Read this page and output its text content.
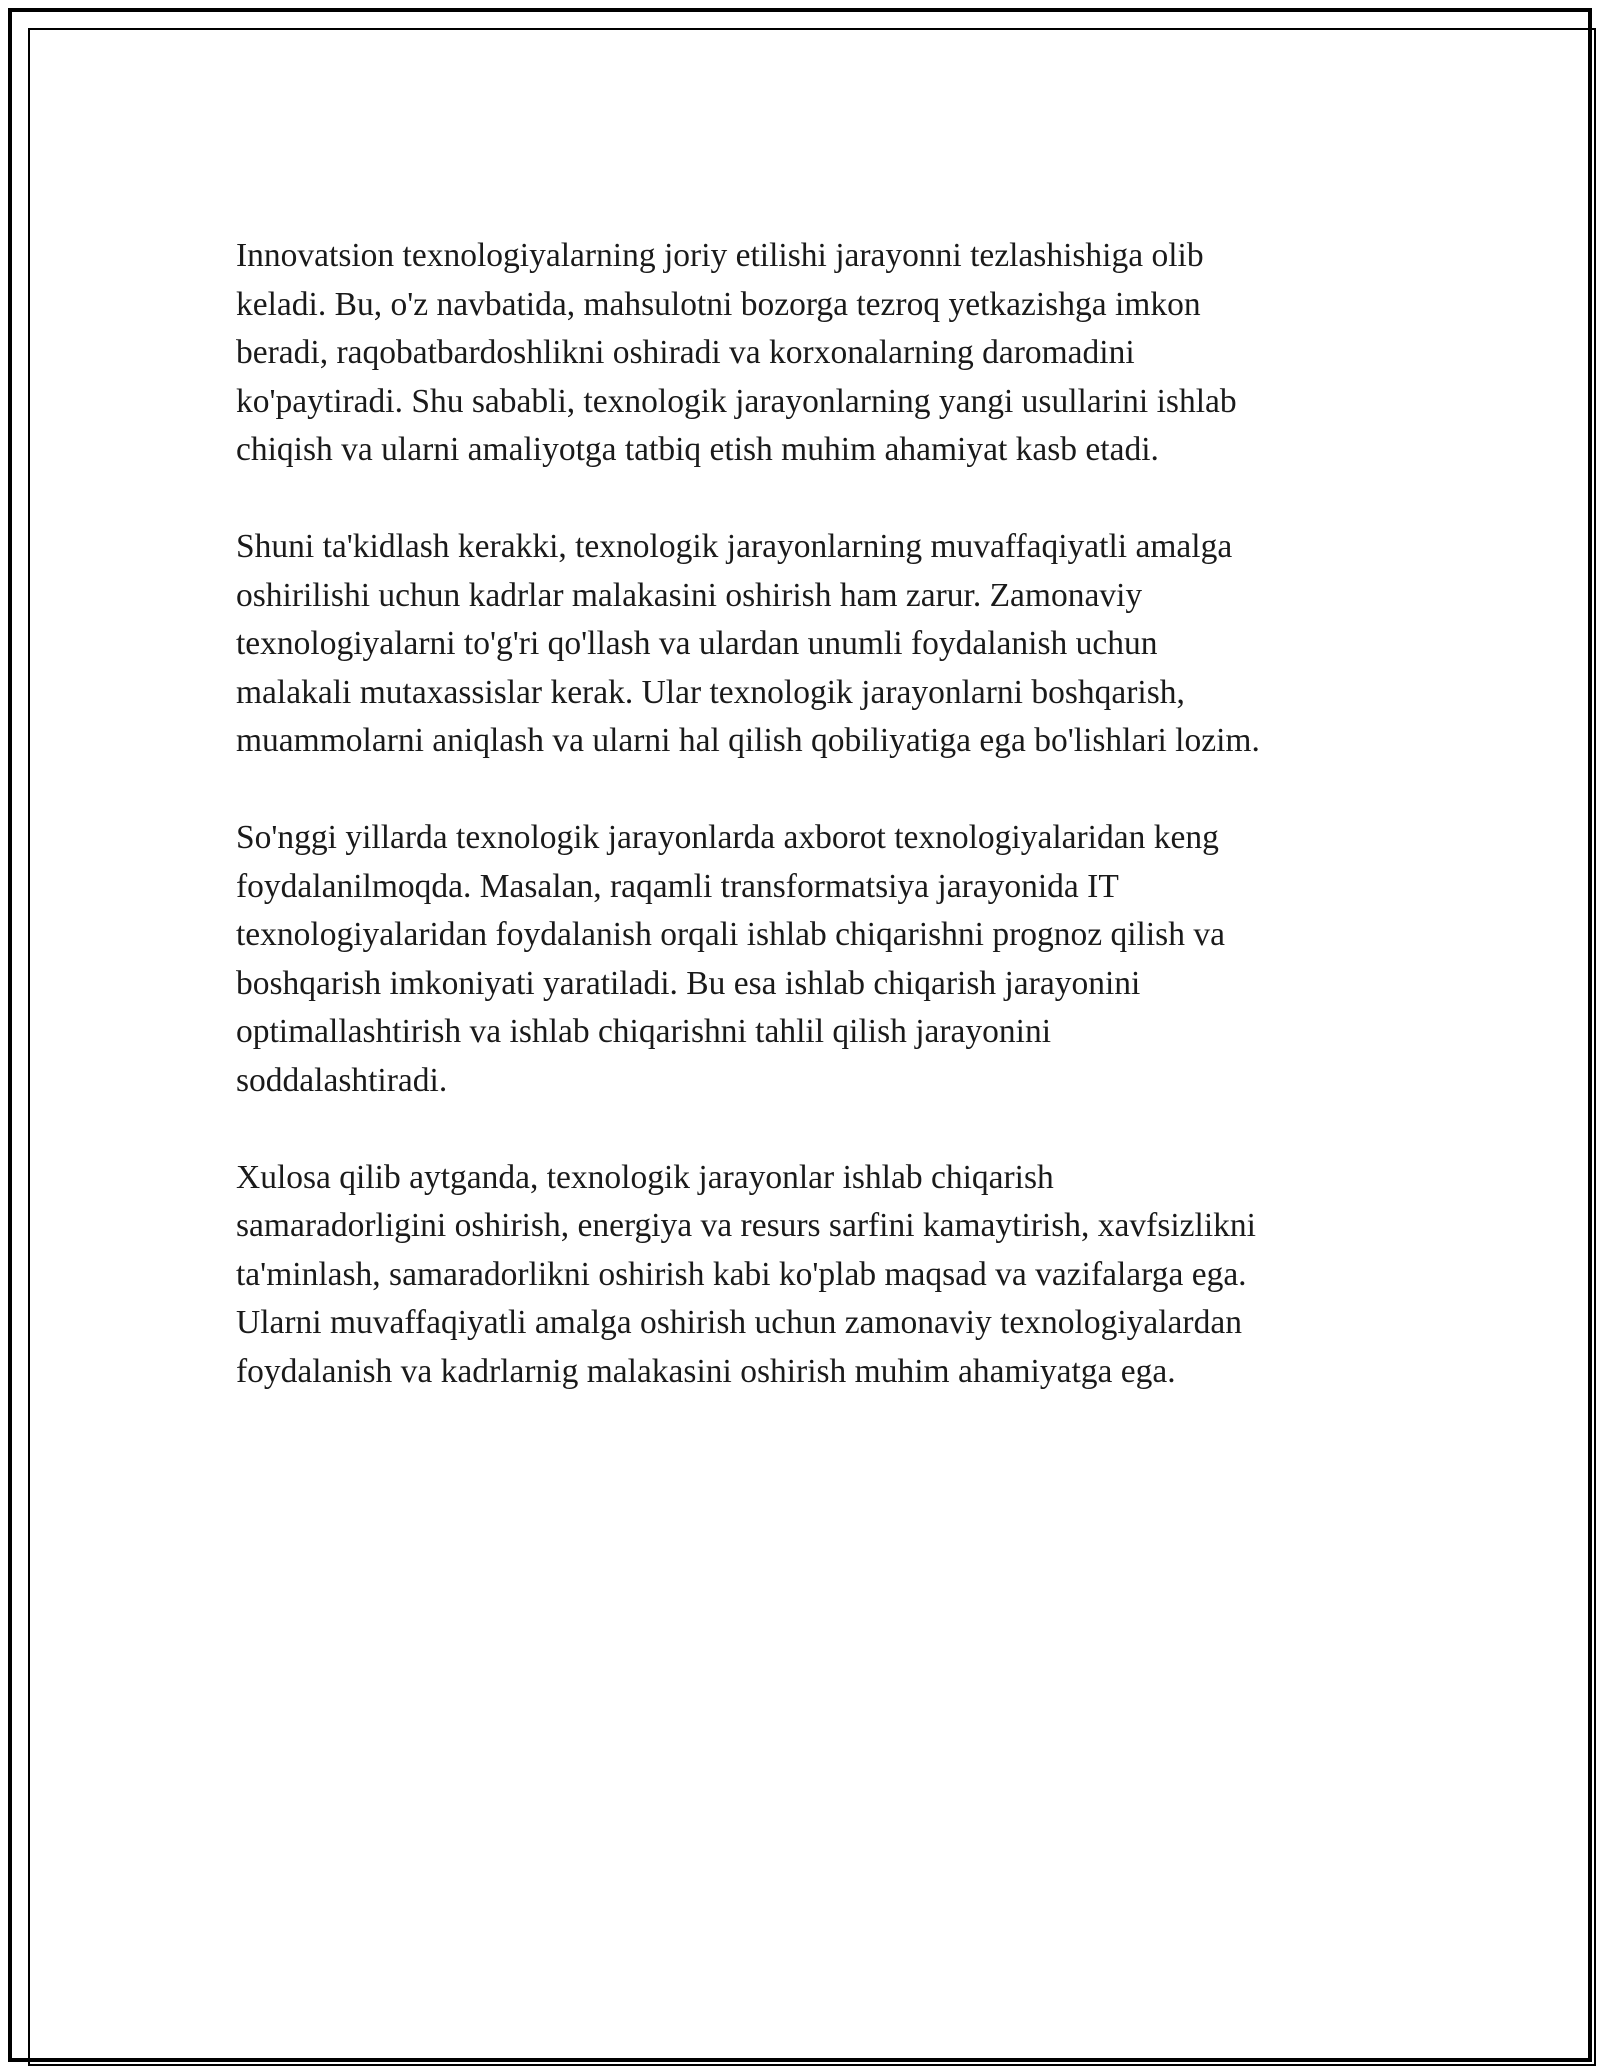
Innovatsion texnologiyalarning joriy etilishi jarayonni tezlashishiga olib
keladi. Bu, o'z navbatida, mahsulotni bozorga tezroq yetkazishga imkon
beradi, raqobatbardoshlikni oshiradi va korxonalarning daromadini
ko'paytiradi. Shu sababli, texnologik jarayonlarning yangi usullarini ishlab
chiqish va ularni amaliyotga tatbiq etish muhim ahamiyat kasb etadi.

Shuni ta'kidlash kerakki, texnologik jarayonlarning muvaffaqiyatli amalga
oshirilishi uchun kadrlar malakasini oshirish ham zarur. Zamonaviy
texnologiyalarni to'g'ri qo'llash va ulardan unumli foydalanish uchun
malakali mutaxassislar kerak. Ular texnologik jarayonlarni boshqarish,
muammolarni aniqlash va ularni hal qilish qobiliyatiga ega bo'lishlari lozim.

So'nggi yillarda texnologik jarayonlarda axborot texnologiyalaridan keng
foydalanilmoqda. Masalan, raqamli transformatsiya jarayonida IT
texnologiyalaridan foydalanish orqali ishlab chiqarishni prognoz qilish va
boshqarish imkoniyati yaratiladi. Bu esa ishlab chiqarish jarayonini
optimallashtirish va ishlab chiqarishni tahlil qilish jarayonini
soddalashtiradi.

Xulosa qilib aytganda, texnologik jarayonlar ishlab chiqarish
samaradorligini oshirish, energiya va resurs sarfini kamaytirish, xavfsizlikni
ta'minlash, samaradorlikni oshirish kabi ko'plab maqsad va vazifalarga ega.
Ularni muvaffaqiyatli amalga oshirish uchun zamonaviy texnologiyalardan
foydalanish va kadrlarnig malakasini oshirish muhim ahamiyatga ega.
